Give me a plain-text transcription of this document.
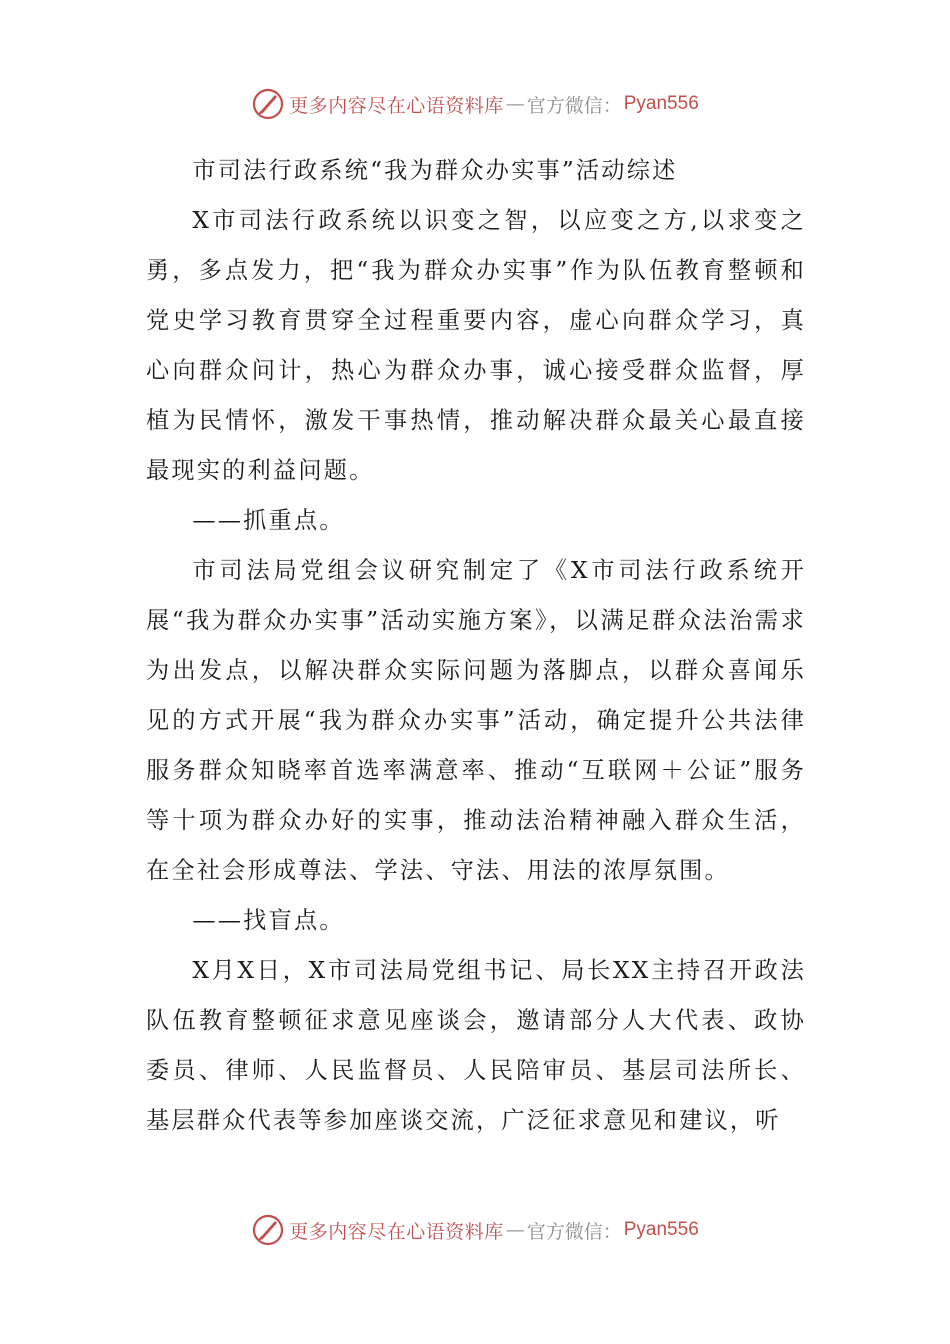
更多内容尽在心语资料库 — 官方微信： Pyan556

市司法行政系统“我为群众办实事”活动综述

X市司法行政系统以识变之智，以应变之方,以求变之勇，多点发力，把“我为群众办实事”作为队伍教育整顿和党史学习教育贯穿全过程重要内容，虚心向群众学习，真心向群众问计，热心为群众办事，诚心接受群众监督，厚植为民情怀，激发干事热情，推动解决群众最关心最直接最现实的利益问题。

——抓重点。

市司法局党组会议研究制定了《X市司法行政系统开展“我为群众办实事”活动实施方案》，以满足群众法治需求为出发点，以解决群众实际问题为落脚点，以群众喜闻乐见的方式开展“我为群众办实事”活动，确定提升公共法律服务群众知晓率首选率满意率、推动“互联网＋公证”服务等十项为群众办好的实事，推动法治精神融入群众生活，在全社会形成尊法、学法、守法、用法的浓厚氛围。

——找盲点。

X月X日，X市司法局党组书记、局长XX主持召开政法队伍教育整顿征求意见座谈会，邀请部分人大代表、政协委员、律师、人民监督员、人民陪审员、基层司法所长、基层群众代表等参加座谈交流，广泛征求意见和建议，听

更多内容尽在心语资料库 — 官方微信： Pyan556
